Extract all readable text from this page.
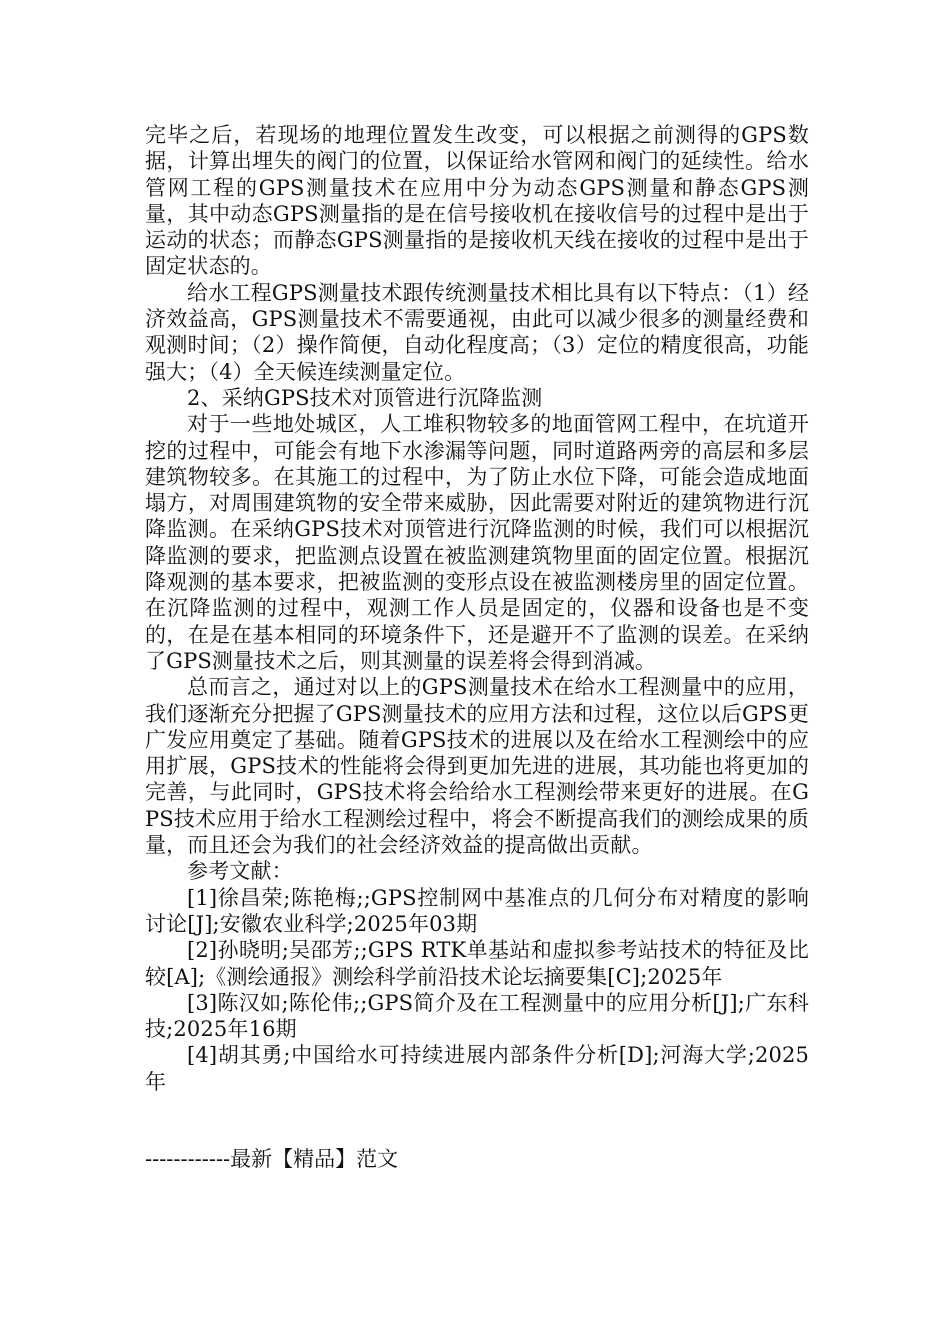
完毕之后，若现场的地理位置发生改变，可以根据之前测得的GPS数据，计算出埋失的阀门的位置，以保证给水管网和阀门的延续性。给水管网工程的GPS测量技术在应用中分为动态GPS测量和静态GPS测量，其中动态GPS测量指的是在信号接收机在接收信号的过程中是出于运动的状态；而静态GPS测量指的是接收机天线在接收的过程中是出于固定状态的。

给水工程GPS测量技术跟传统测量技术相比具有以下特点：（1）经济效益高，GPS测量技术不需要通视，由此可以减少很多的测量经费和观测时间；（2）操作简便，自动化程度高；（3）定位的精度很高，功能强大；（4）全天候连续测量定位。

2、采纳GPS技术对顶管进行沉降监测

对于一些地处城区，人工堆积物较多的地面管网工程中，在坑道开挖的过程中，可能会有地下水渗漏等问题，同时道路两旁的高层和多层建筑物较多。在其施工的过程中，为了防止水位下降，可能会造成地面塌方，对周围建筑物的安全带来威胁，因此需要对附近的建筑物进行沉降监测。在采纳GPS技术对顶管进行沉降监测的时候，我们可以根据沉降监测的要求，把监测点设置在被监测建筑物里面的固定位置。根据沉降观测的基本要求，把被监测的变形点设在被监测楼房里的固定位置。在沉降监测的过程中，观测工作人员是固定的，仪器和设备也是不变的，在是在基本相同的环境条件下，还是避开不了监测的误差。在采纳了GPS测量技术之后，则其测量的误差将会得到消减。

总而言之，通过对以上的GPS测量技术在给水工程测量中的应用，我们逐渐充分把握了GPS测量技术的应用方法和过程，这位以后GPS更广发应用奠定了基础。随着GPS技术的进展以及在给水工程测绘中的应用扩展，GPS技术的性能将会得到更加先进的进展，其功能也将更加的完善，与此同时，GPS技术将会给给水工程测绘带来更好的进展。在GPS技术应用于给水工程测绘过程中，将会不断提高我们的测绘成果的质量，而且还会为我们的社会经济效益的提高做出贡献。

参考文献：

[1]徐昌荣;陈艳梅;;GPS控制网中基准点的几何分布对精度的影响讨论[J];安徽农业科学;2025年03期

[2]孙晓明;吴邵芳;;GPS RTK单基站和虚拟参考站技术的特征及比较[A];《测绘通报》测绘科学前沿技术论坛摘要集[C];2025年

[3]陈汉如;陈伦伟;;GPS简介及在工程测量中的应用分析[J];广东科技;2025年16期

[4]胡其勇;中国给水可持续进展内部条件分析[D];河海大学;2025年

------------最新【精品】范文
